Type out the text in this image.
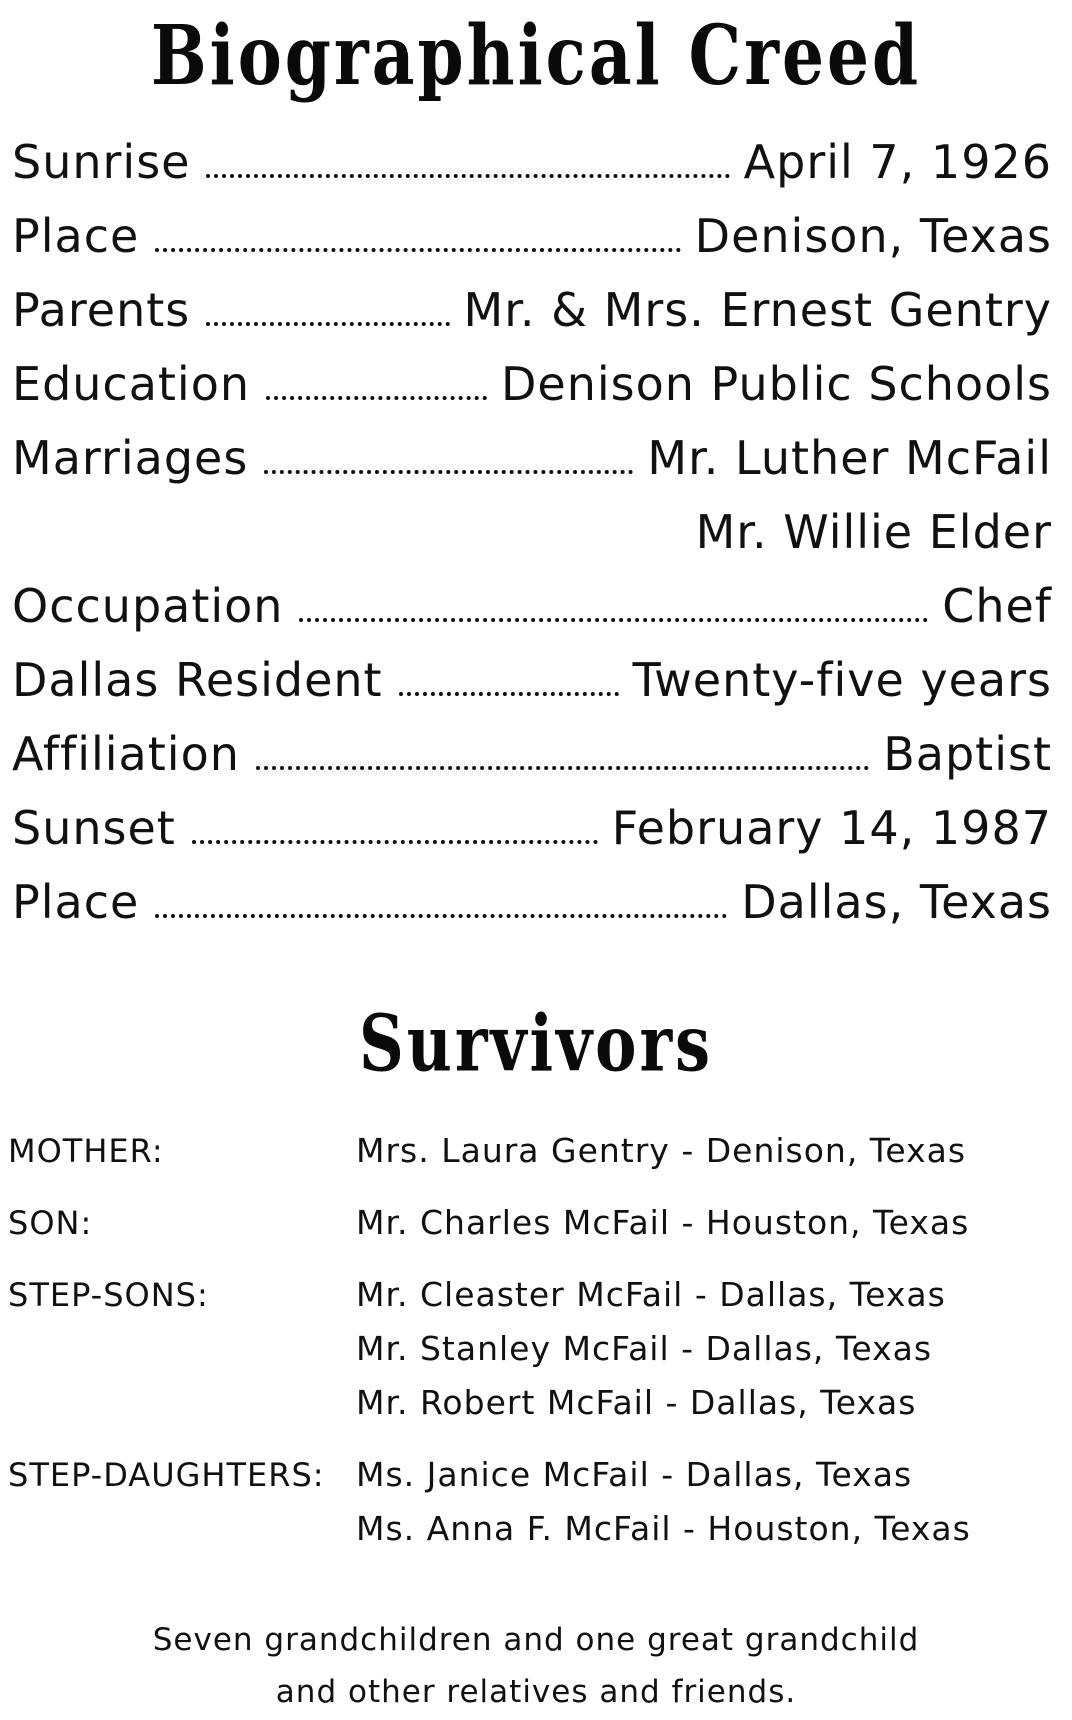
Biographical Creed
Sunrise	April 7, 1926
Place	Denison, Texas
Parents	Mr. & Mrs. Ernest Gentry
Education	Denison Public Schools
Marriages	Mr. Luther McFail
Mr. Willie Elder
Occupation	Chef
Dallas Resident	Twenty-five years
Affiliation	Baptist
Sunset	February 14, 1987
Place	Dallas, Texas
Survivors
MOTHER:	Mrs. Laura Gentry - Denison, Texas
SON:	Mr. Charles McFail - Houston, Texas
STEP-SONS:	Mr. Cleaster McFail - Dallas, Texas
Mr. Stanley McFail - Dallas, Texas
Mr. Robert McFail - Dallas, Texas
STEP-DAUGHTERS: Ms. Janice McFail - Dallas, Texas
Ms. Anna F. McFail - Houston, Texas
Seven grandchildren and one great grandchild
and other relatives and friends.
